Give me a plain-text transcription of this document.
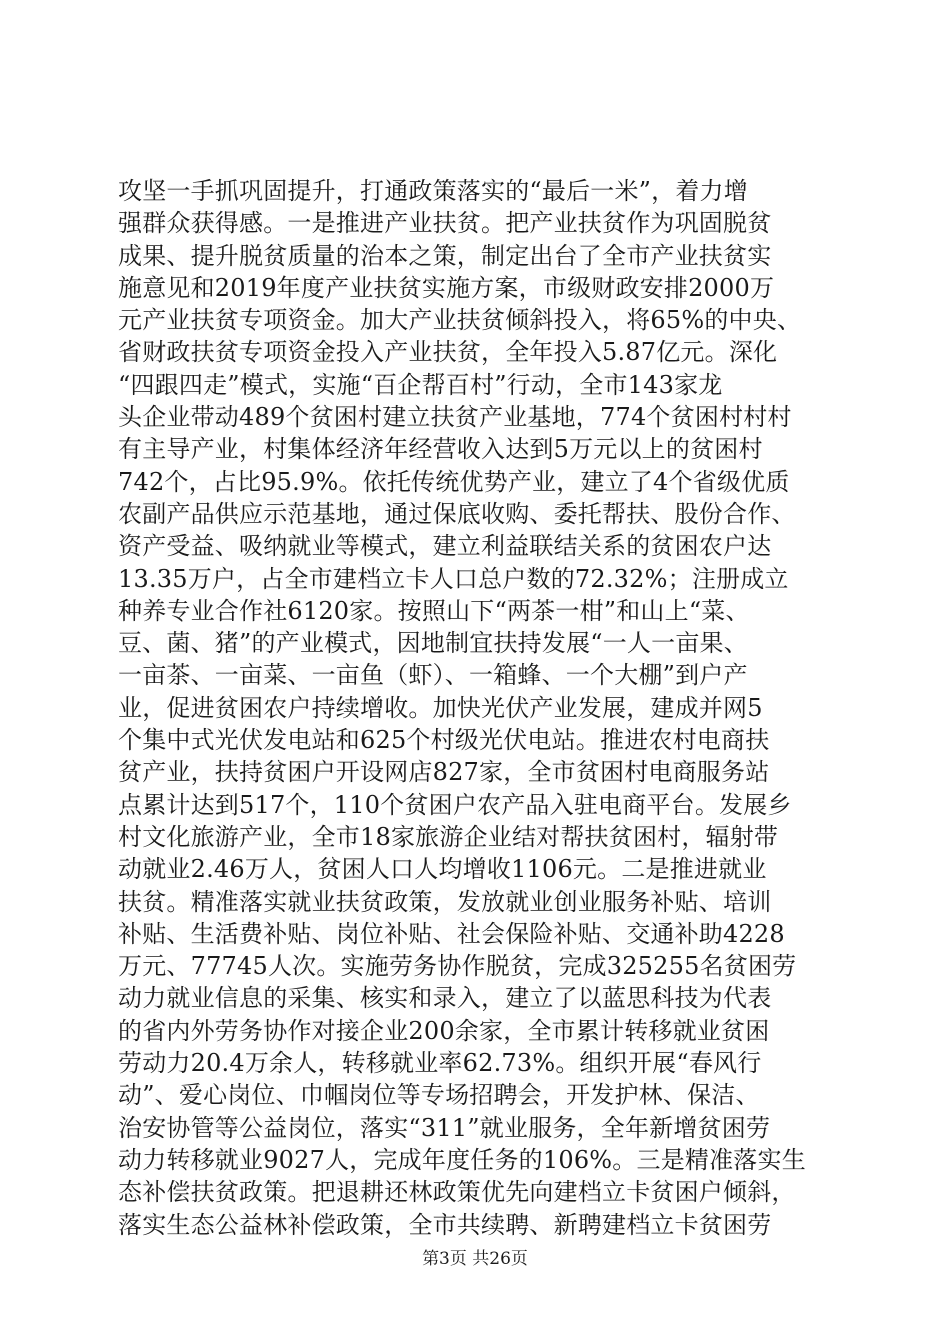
攻坚一手抓巩固提升，打通政策落实的“最后一米”，着力增
强群众获得感。一是推进产业扶贫。把产业扶贫作为巩固脱贫
成果、提升脱贫质量的治本之策，制定出台了全市产业扶贫实
施意见和2019年度产业扶贫实施方案，市级财政安排2000万
元产业扶贫专项资金。加大产业扶贫倾斜投入，将65%的中央、
省财政扶贫专项资金投入产业扶贫，全年投入5.87亿元。深化
“四跟四走”模式，实施“百企帮百村”行动，全市143家龙
头企业带动489个贫困村建立扶贫产业基地，774个贫困村村村
有主导产业，村集体经济年经营收入达到5万元以上的贫困村
742个，占比95.9%。依托传统优势产业，建立了4个省级优质
农副产品供应示范基地，通过保底收购、委托帮扶、股份合作、
资产受益、吸纳就业等模式，建立利益联结关系的贫困农户达
13.35万户，占全市建档立卡人口总户数的72.32%；注册成立
种养专业合作社6120家。按照山下“两茶一柑”和山上“菜、
豆、菌、猪”的产业模式，因地制宜扶持发展“一人一亩果、
一亩茶、一亩菜、一亩鱼（虾）、一箱蜂、一个大棚”到户产
业，促进贫困农户持续增收。加快光伏产业发展，建成并网5
个集中式光伏发电站和625个村级光伏电站。推进农村电商扶
贫产业，扶持贫困户开设网店827家，全市贫困村电商服务站
点累计达到517个，110个贫困户农产品入驻电商平台。发展乡
村文化旅游产业，全市18家旅游企业结对帮扶贫困村，辐射带
动就业2.46万人，贫困人口人均增收1106元。二是推进就业
扶贫。精准落实就业扶贫政策，发放就业创业服务补贴、培训
补贴、生活费补贴、岗位补贴、社会保险补贴、交通补助4228
万元、77745人次。实施劳务协作脱贫，完成325255名贫困劳
动力就业信息的采集、核实和录入，建立了以蓝思科技为代表
的省内外劳务协作对接企业200余家，全市累计转移就业贫困
劳动力20.4万余人，转移就业率62.73%。组织开展“春风行
动”、爱心岗位、巾帼岗位等专场招聘会，开发护林、保洁、
治安协管等公益岗位，落实“311”就业服务，全年新增贫困劳
动力转移就业9027人，完成年度任务的106%。三是精准落实生
态补偿扶贫政策。把退耕还林政策优先向建档立卡贫困户倾斜，
落实生态公益林补偿政策，全市共续聘、新聘建档立卡贫困劳
第3页 共26页
